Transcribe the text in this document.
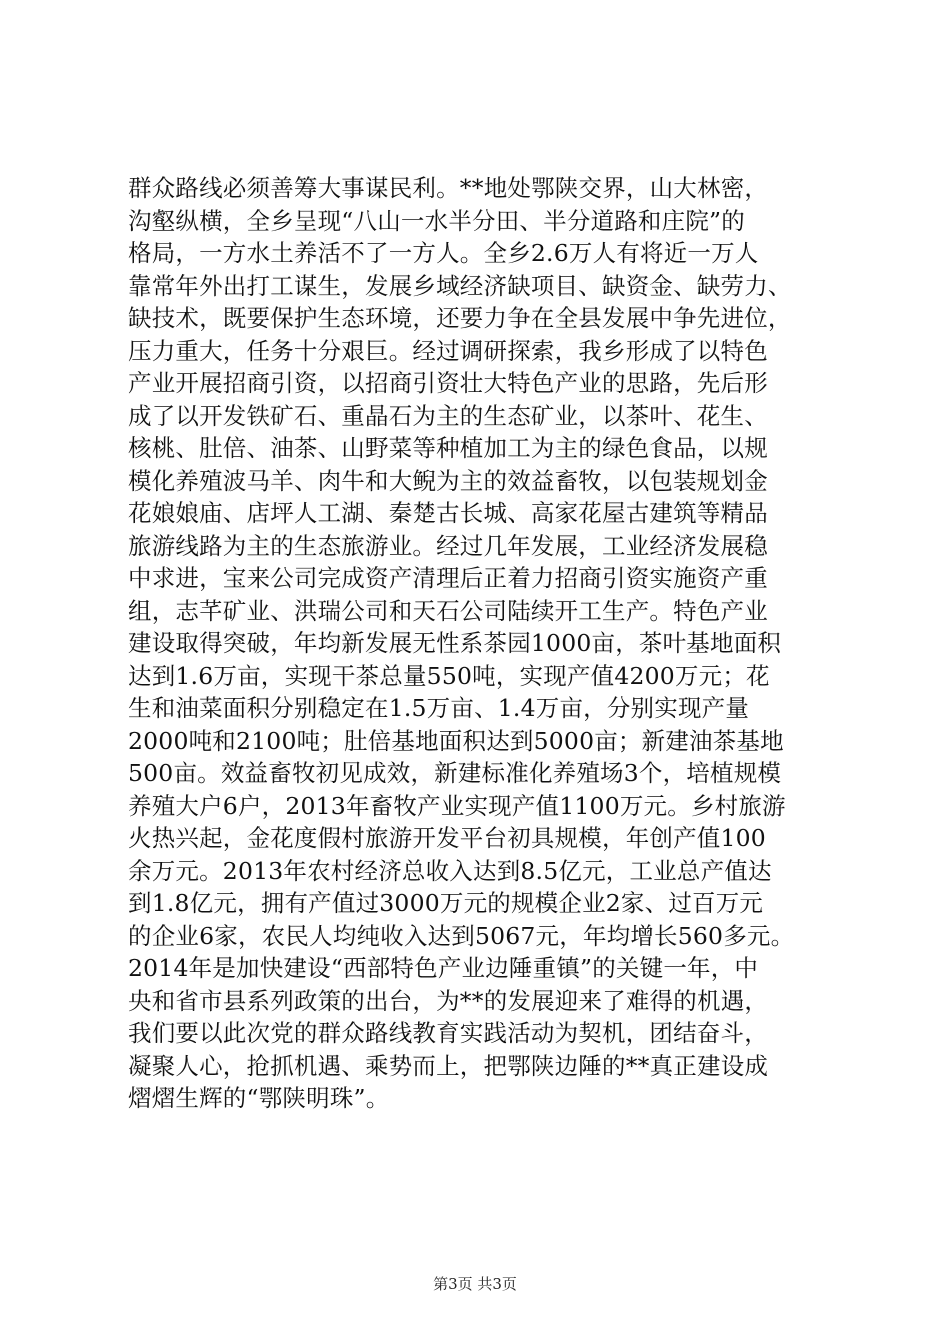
群众路线必须善筹大事谋民利。**地处鄂陕交界，山大林密，
沟壑纵横，全乡呈现“八山一水半分田、半分道路和庄院”的
格局，一方水土养活不了一方人。全乡2.6万人有将近一万人
靠常年外出打工谋生，发展乡域经济缺项目、缺资金、缺劳力、
缺技术，既要保护生态环境，还要力争在全县发展中争先进位，
压力重大，任务十分艰巨。经过调研探索，我乡形成了以特色
产业开展招商引资，以招商引资壮大特色产业的思路，先后形
成了以开发铁矿石、重晶石为主的生态矿业，以茶叶、花生、
核桃、肚倍、油茶、山野菜等种植加工为主的绿色食品，以规
模化养殖波马羊、肉牛和大鲵为主的效益畜牧，以包装规划金
花娘娘庙、店坪人工湖、秦楚古长城、高家花屋古建筑等精品
旅游线路为主的生态旅游业。经过几年发展，工业经济发展稳
中求进，宝来公司完成资产清理后正着力招商引资实施资产重
组，志芊矿业、洪瑞公司和天石公司陆续开工生产。特色产业
建设取得突破，年均新发展无性系茶园1000亩，茶叶基地面积
达到1.6万亩，实现干茶总量550吨，实现产值4200万元；花
生和油菜面积分别稳定在1.5万亩、1.4万亩，分别实现产量
2000吨和2100吨；肚倍基地面积达到5000亩；新建油茶基地
500亩。效益畜牧初见成效，新建标准化养殖场3个，培植规模
养殖大户6户，2013年畜牧产业实现产值1100万元。乡村旅游
火热兴起，金花度假村旅游开发平台初具规模，年创产值100
余万元。2013年农村经济总收入达到8.5亿元，工业总产值达
到1.8亿元，拥有产值过3000万元的规模企业2家、过百万元
的企业6家，农民人均纯收入达到5067元，年均增长560多元。
2014年是加快建设“西部特色产业边陲重镇”的关键一年，中
央和省市县系列政策的出台，为**的发展迎来了难得的机遇，
我们要以此次党的群众路线教育实践活动为契机，团结奋斗，
凝聚人心，抢抓机遇、乘势而上，把鄂陕边陲的**真正建设成
熠熠生辉的“鄂陕明珠”。
第3页 共3页
